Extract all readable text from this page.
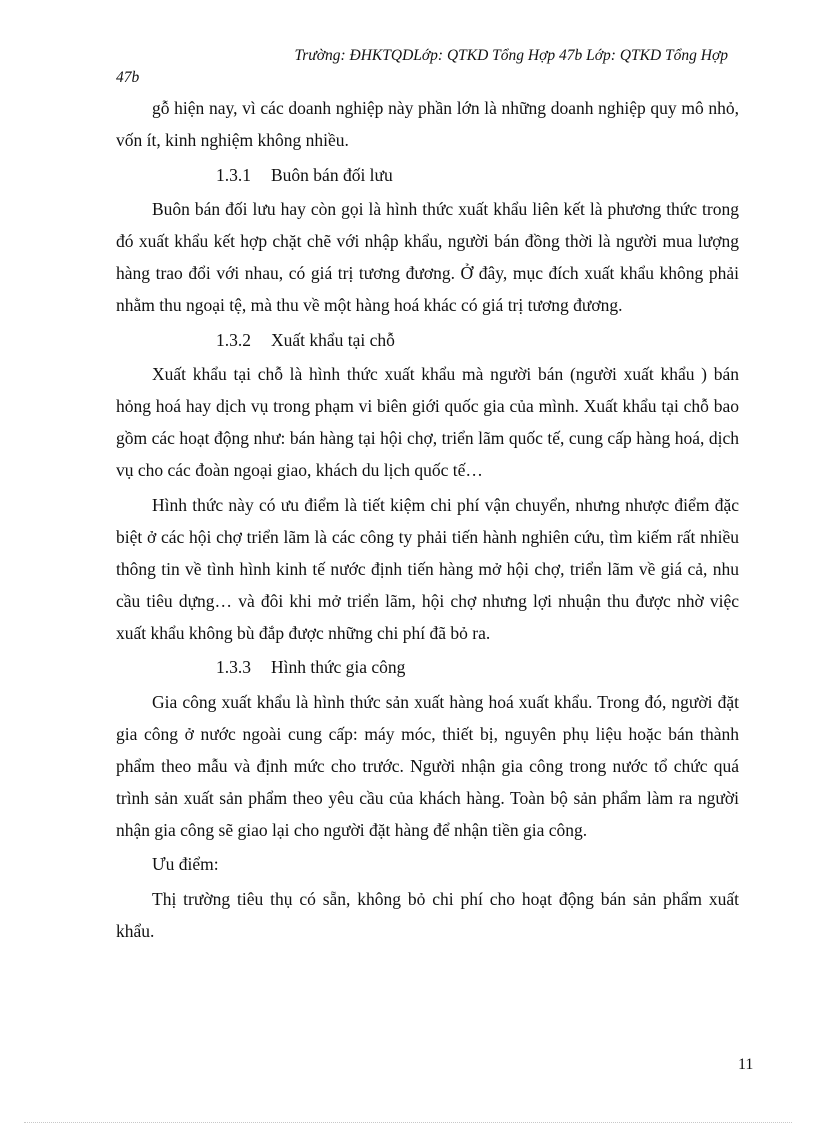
Trường: ĐHKTQDLớp: QTKD Tổng Hợp 47b Lớp: QTKD Tổng Hợp
47b

gỗ hiện nay, vì các doanh nghiệp này phần lớn là những doanh nghiệp quy mô nhỏ, vốn ít, kinh nghiệm không nhiều.

1.3.1 Buôn bán đối lưu

Buôn bán đối lưu hay còn gọi là hình thức xuất khẩu liên kết là phương thức trong đó xuất khẩu kết hợp chặt chẽ với nhập khẩu, người bán đồng thời là người mua lượng hàng trao đổi với nhau, có giá trị tương đương. Ở đây, mục đích xuất khẩu không phải nhằm thu ngoại tệ, mà thu về một hàng hoá khác có giá trị tương đương.

1.3.2 Xuất khẩu tại chỗ

Xuất khẩu tại chỗ là hình thức xuất khẩu mà người bán (người xuất khẩu ) bán hỏng hoá hay dịch vụ trong phạm vi biên giới quốc gia của mình. Xuất khẩu tại chỗ bao gồm các hoạt động như: bán hàng tại hội chợ, triển lãm quốc tế, cung cấp hàng hoá, dịch vụ cho các đoàn ngoại giao, khách du lịch quốc tế…

Hình thức này có ưu điểm là tiết kiệm chi phí vận chuyển, nhưng nhược điểm đặc biệt ở các hội chợ triển lãm là các công ty phải tiến hành nghiên cứu, tìm kiếm rất nhiều thông tin về tình hình kinh tế nước định tiến hàng mở hội chợ, triển lãm về giá cả, nhu cầu tiêu dựng… và đôi khi mở triển lãm, hội chợ nhưng lợi nhuận thu được nhờ việc xuất khẩu không bù đắp được những chi phí đã bỏ ra.

1.3.3 Hình thức gia công

Gia công xuất khẩu là hình thức sản xuất hàng hoá xuất khẩu. Trong đó, người đặt gia công ở nước ngoài cung cấp: máy móc, thiết bị, nguyên phụ liệu hoặc bán thành phẩm theo mẫu và định mức cho trước. Người nhận gia công trong nước tổ chức quá trình sản xuất sản phẩm theo yêu cầu của khách hàng. Toàn bộ sản phẩm làm ra người nhận gia công sẽ giao lại cho người đặt hàng để nhận tiền gia công.

Ưu điểm:

Thị trường tiêu thụ có sẵn, không bỏ chi phí cho hoạt động bán sản phẩm xuất khẩu.

11
